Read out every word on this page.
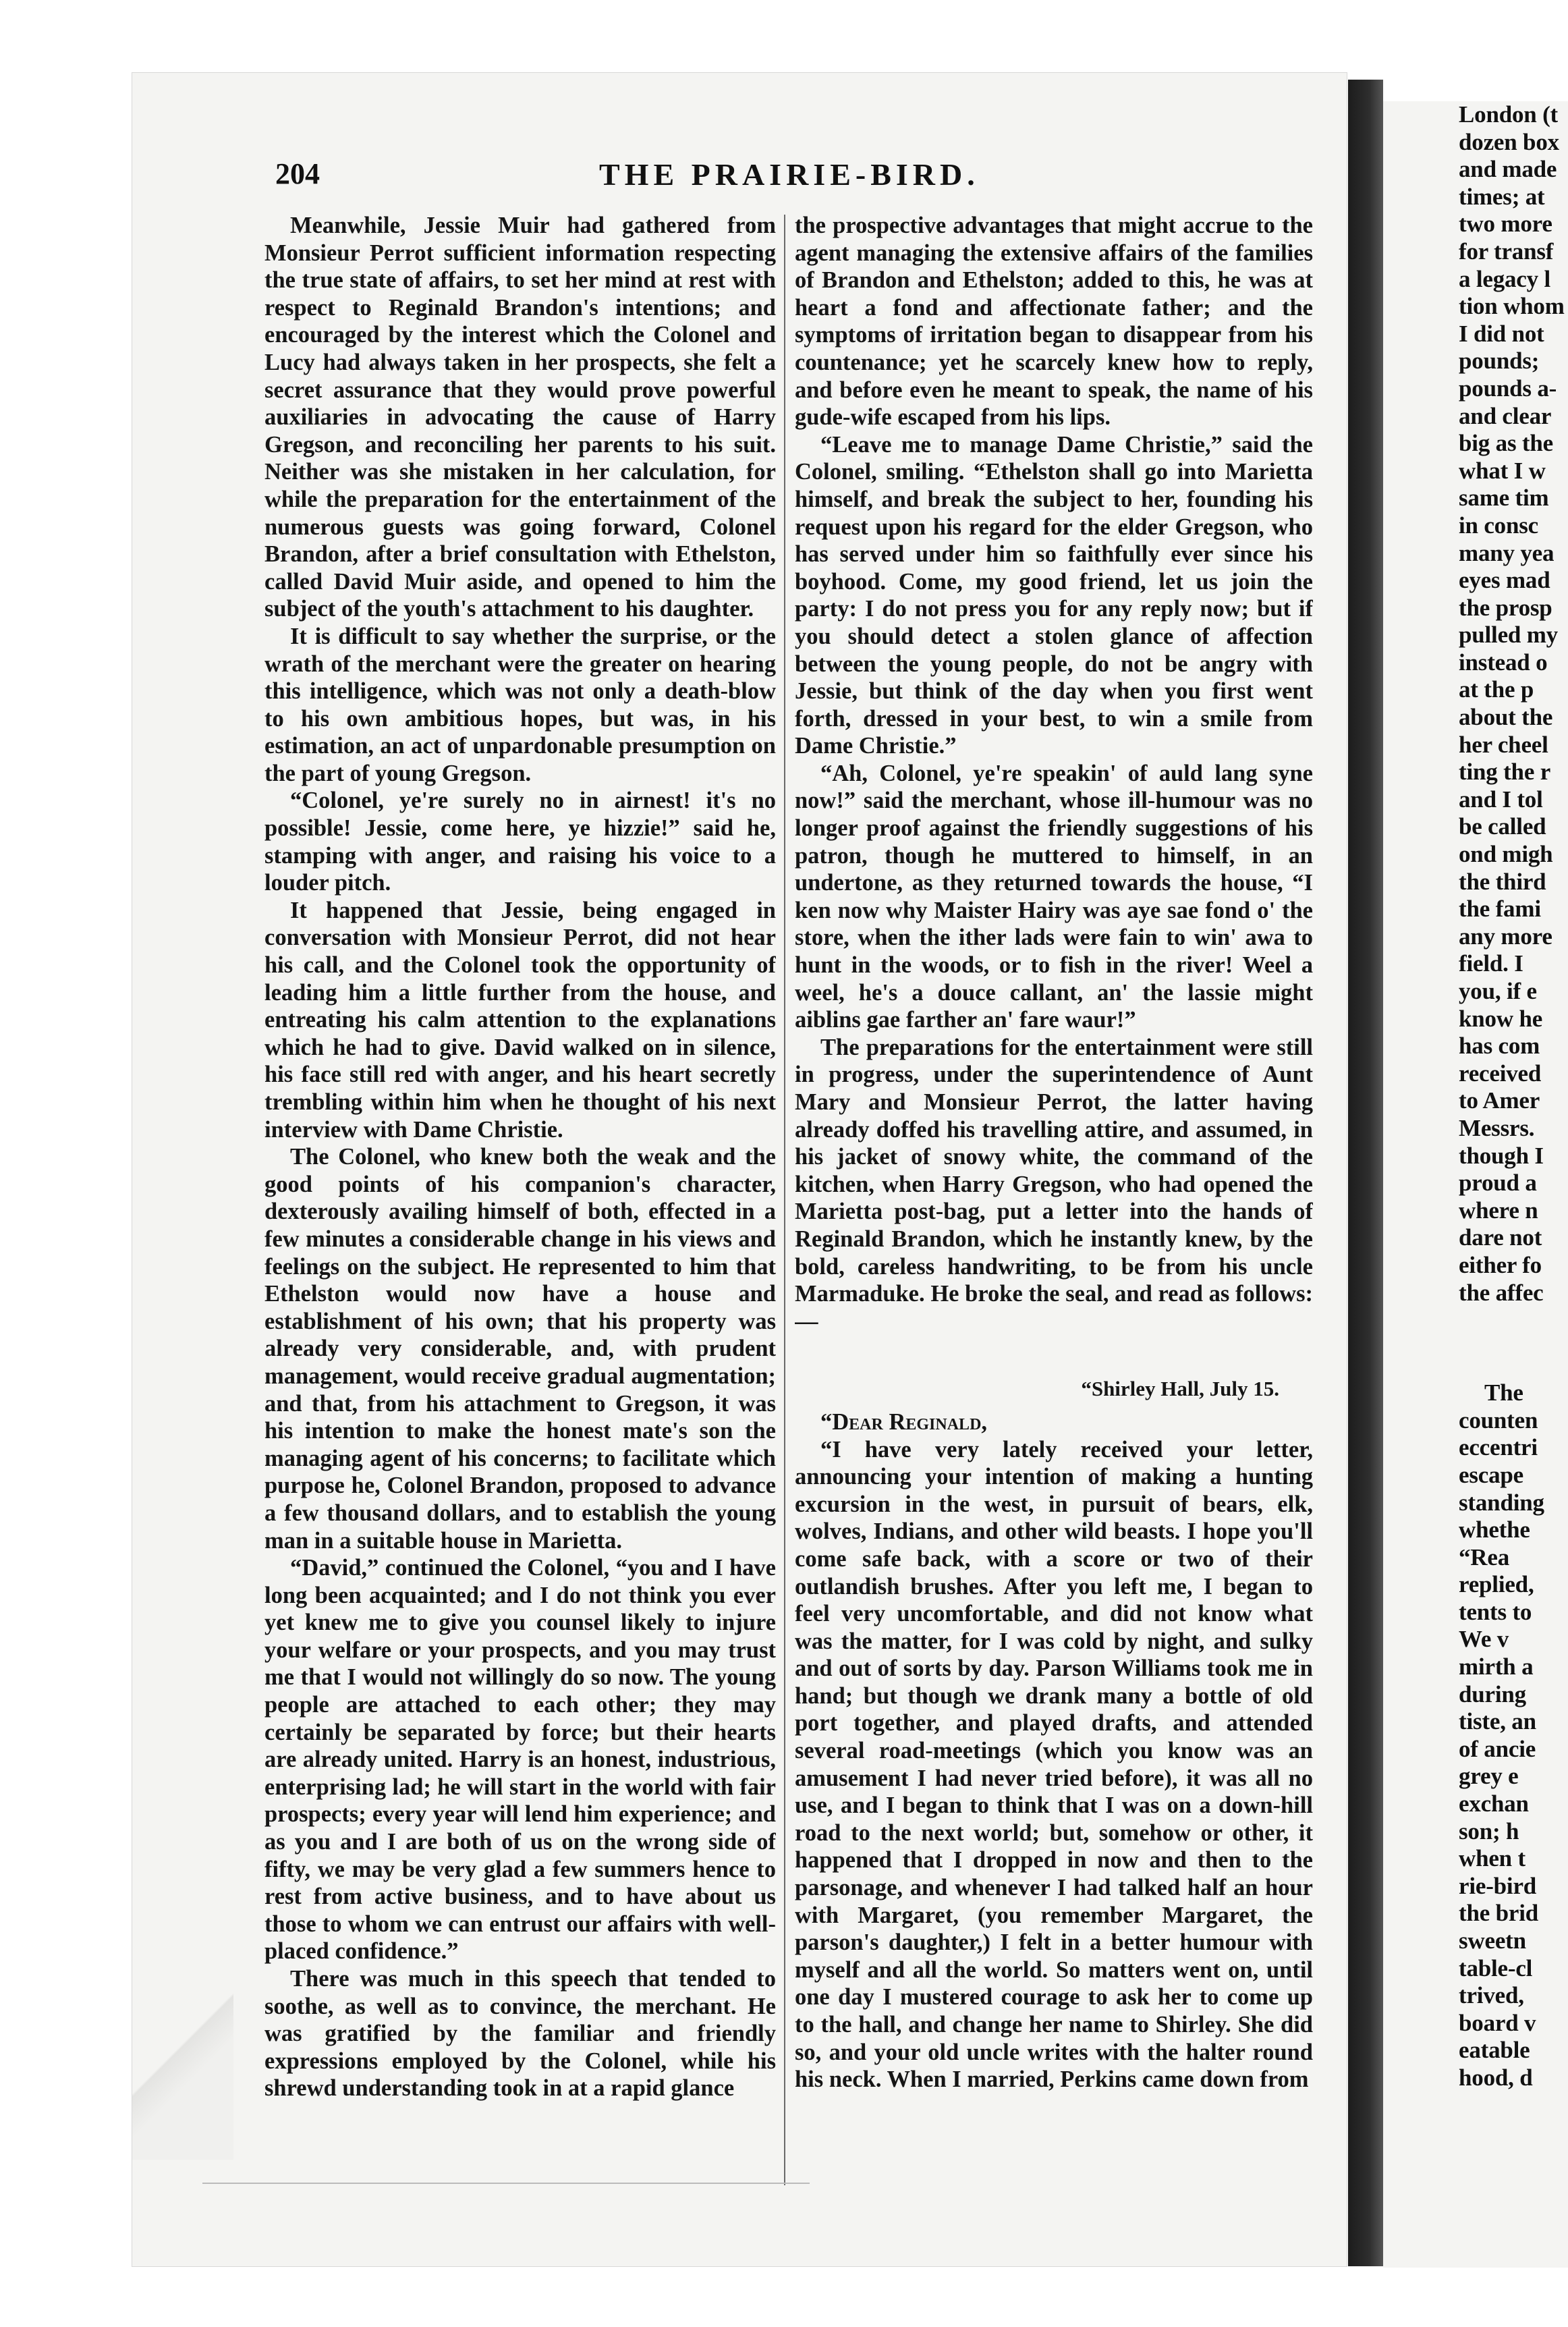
204	THE PRAIRIE-BIRD.

Meanwhile, Jessie Muir had gathered from Monsieur Perrot sufficient information respecting the true state of affairs, to set her mind at rest with respect to Reginald Brandon's intentions; and encouraged by the interest which the Colonel and Lucy had always taken in her prospects, she felt a secret assurance that they would prove powerful auxiliaries in advocating the cause of Harry Gregson, and reconciling her parents to his suit. Neither was she mistaken in her calculation, for while the preparation for the entertainment of the numerous guests was going forward, Colonel Brandon, after a brief consultation with Ethelston, called David Muir aside, and opened to him the subject of the youth's attachment to his daughter.

It is difficult to say whether the surprise, or the wrath of the merchant were the greater on hearing this intelligence, which was not only a death-blow to his own ambitious hopes, but was, in his estimation, an act of unpardonable presumption on the part of young Gregson.

“Colonel, ye're surely no in airnest! it's no possible! Jessie, come here, ye hizzie!” said he, stamping with anger, and raising his voice to a louder pitch.

It happened that Jessie, being engaged in conversation with Monsieur Perrot, did not hear his call, and the Colonel took the opportunity of leading him a little further from the house, and entreating his calm attention to the explanations which he had to give. David walked on in silence, his face still red with anger, and his heart secretly trembling within him when he thought of his next interview with Dame Christie.

The Colonel, who knew both the weak and the good points of his companion's character, dexterously availing himself of both, effected in a few minutes a considerable change in his views and feelings on the subject. He represented to him that Ethelston would now have a house and establishment of his own; that his property was already very considerable, and, with prudent management, would receive gradual augmentation; and that, from his attachment to Gregson, it was his intention to make the honest mate's son the managing agent of his concerns; to facilitate which purpose he, Colonel Brandon, proposed to advance a few thousand dollars, and to establish the young man in a suitable house in Marietta.

“David,” continued the Colonel, “you and I have long been acquainted; and I do not think you ever yet knew me to give you counsel likely to injure your welfare or your prospects, and you may trust me that I would not willingly do so now. The young people are attached to each other; they may certainly be separated by force; but their hearts are already united. Harry is an honest, industrious, enterprising lad; he will start in the world with fair prospects; every year will lend him experience; and as you and I are both of us on the wrong side of fifty, we may be very glad a few summers hence to rest from active business, and to have about us those to whom we can entrust our affairs with well-placed confidence.”

There was much in this speech that tended to soothe, as well as to convince, the merchant. He was gratified by the familiar and friendly expressions employed by the Colonel, while his shrewd understanding took in at a rapid glance

the prospective advantages that might accrue to the agent managing the extensive affairs of the families of Brandon and Ethelston; added to this, he was at heart a fond and affectionate father; and the symptoms of irritation began to disappear from his countenance; yet he scarcely knew how to reply, and before even he meant to speak, the name of his gude-wife escaped from his lips.

“Leave me to manage Dame Christie,” said the Colonel, smiling. “Ethelston shall go into Marietta himself, and break the subject to her, founding his request upon his regard for the elder Gregson, who has served under him so faithfully ever since his boyhood. Come, my good friend, let us join the party: I do not press you for any reply now; but if you should detect a stolen glance of affection between the young people, do not be angry with Jessie, but think of the day when you first went forth, dressed in your best, to win a smile from Dame Christie.”

“Ah, Colonel, ye're speakin' of auld lang syne now!” said the merchant, whose ill-humour was no longer proof against the friendly suggestions of his patron, though he muttered to himself, in an undertone, as they returned towards the house, “I ken now why Maister Hairy was aye sae fond o' the store, when the ither lads were fain to win' awa to hunt in the woods, or to fish in the river! Weel a weel, he's a douce callant, an' the lassie might aiblins gae farther an' fare waur!”

The preparations for the entertainment were still in progress, under the superintendence of Aunt Mary and Monsieur Perrot, the latter having already doffed his travelling attire, and assumed, in his jacket of snowy white, the command of the kitchen, when Harry Gregson, who had opened the Marietta post-bag, put a letter into the hands of Reginald Brandon, which he instantly knew, by the bold, careless handwriting, to be from his uncle Marmaduke. He broke the seal, and read as follows:—

“Shirley Hall, July 15.

“Dear Reginald,

“I have very lately received your letter, announcing your intention of making a hunting excursion in the west, in pursuit of bears, elk, wolves, Indians, and other wild beasts. I hope you'll come safe back, with a score or two of their outlandish brushes. After you left me, I began to feel very uncomfortable, and did not know what was the matter, for I was cold by night, and sulky and out of sorts by day. Parson Williams took me in hand; but though we drank many a bottle of old port together, and played drafts, and attended several road-meetings (which you know was an amusement I had never tried before), it was all no use, and I began to think that I was on a down-hill road to the next world; but, somehow or other, it happened that I dropped in now and then to the parsonage, and whenever I had talked half an hour with Margaret, (you remember Margaret, the parson's daughter,) I felt in a better humour with myself and all the world. So matters went on, until one day I mustered courage to ask her to come up to the hall, and change her name to Shirley. She did so, and your old uncle writes with the halter round his neck. When I married, Perkins came down from

London (t
dozen box
and made
times; at
two more
for transf
a legacy l
tion whom
I did not
pounds;
pounds a-
and clear
big as the
what I w
same tim
in consc
many yea
eyes mad
the prosp
pulled my
instead o
at the p
about the
her cheel
ting the r
and I tol
be called
ond migh
the third
the fami
any more
field. I
you, if e
know he
has com
received
to Amer
Messrs.
though I
proud a
where n
dare not
either fo
the affec
The
counten
eccentri
escape
standing
whethe
“Rea
replied,
tents to
We v
mirth a
during
tiste, an
of ancie
grey e
exchan
son; h
when t
rie-bird
the brid
sweetn
table-cl
trived,
board v
eatable
hood, d
